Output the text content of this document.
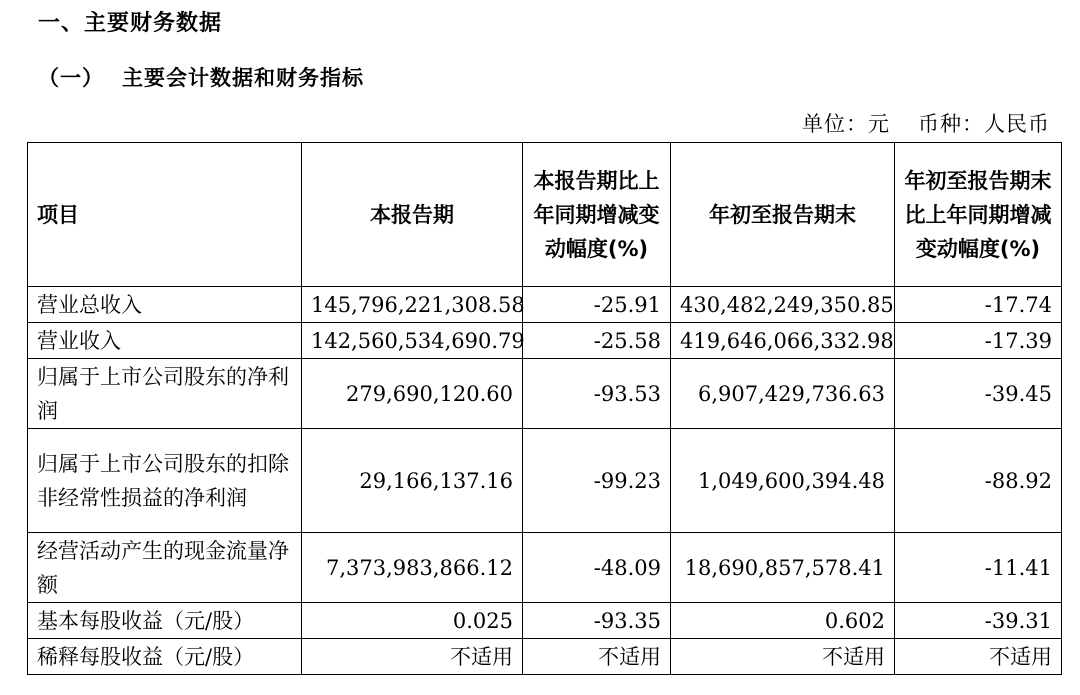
一、主要财务数据
（一） 主要会计数据和财务指标
单位：元 币种：人民币
项目	本报告期	本报告期比上年同期增减变动幅度(%)	年初至报告期末	年初至报告期末比上年同期增减变动幅度(%)
营业总收入	145,796,221,308.58	-25.91	430,482,249,350.85	-17.74
营业收入	142,560,534,690.79	-25.58	419,646,066,332.98	-17.39
归属于上市公司股东的净利润	279,690,120.60	-93.53	6,907,429,736.63	-39.45
归属于上市公司股东的扣除非经常性损益的净利润	29,166,137.16	-99.23	1,049,600,394.48	-88.92
经营活动产生的现金流量净额	7,373,983,866.12	-48.09	18,690,857,578.41	-11.41
基本每股收益（元/股）	0.025	-93.35	0.602	-39.31
稀释每股收益（元/股）	不适用	不适用	不适用	不适用
